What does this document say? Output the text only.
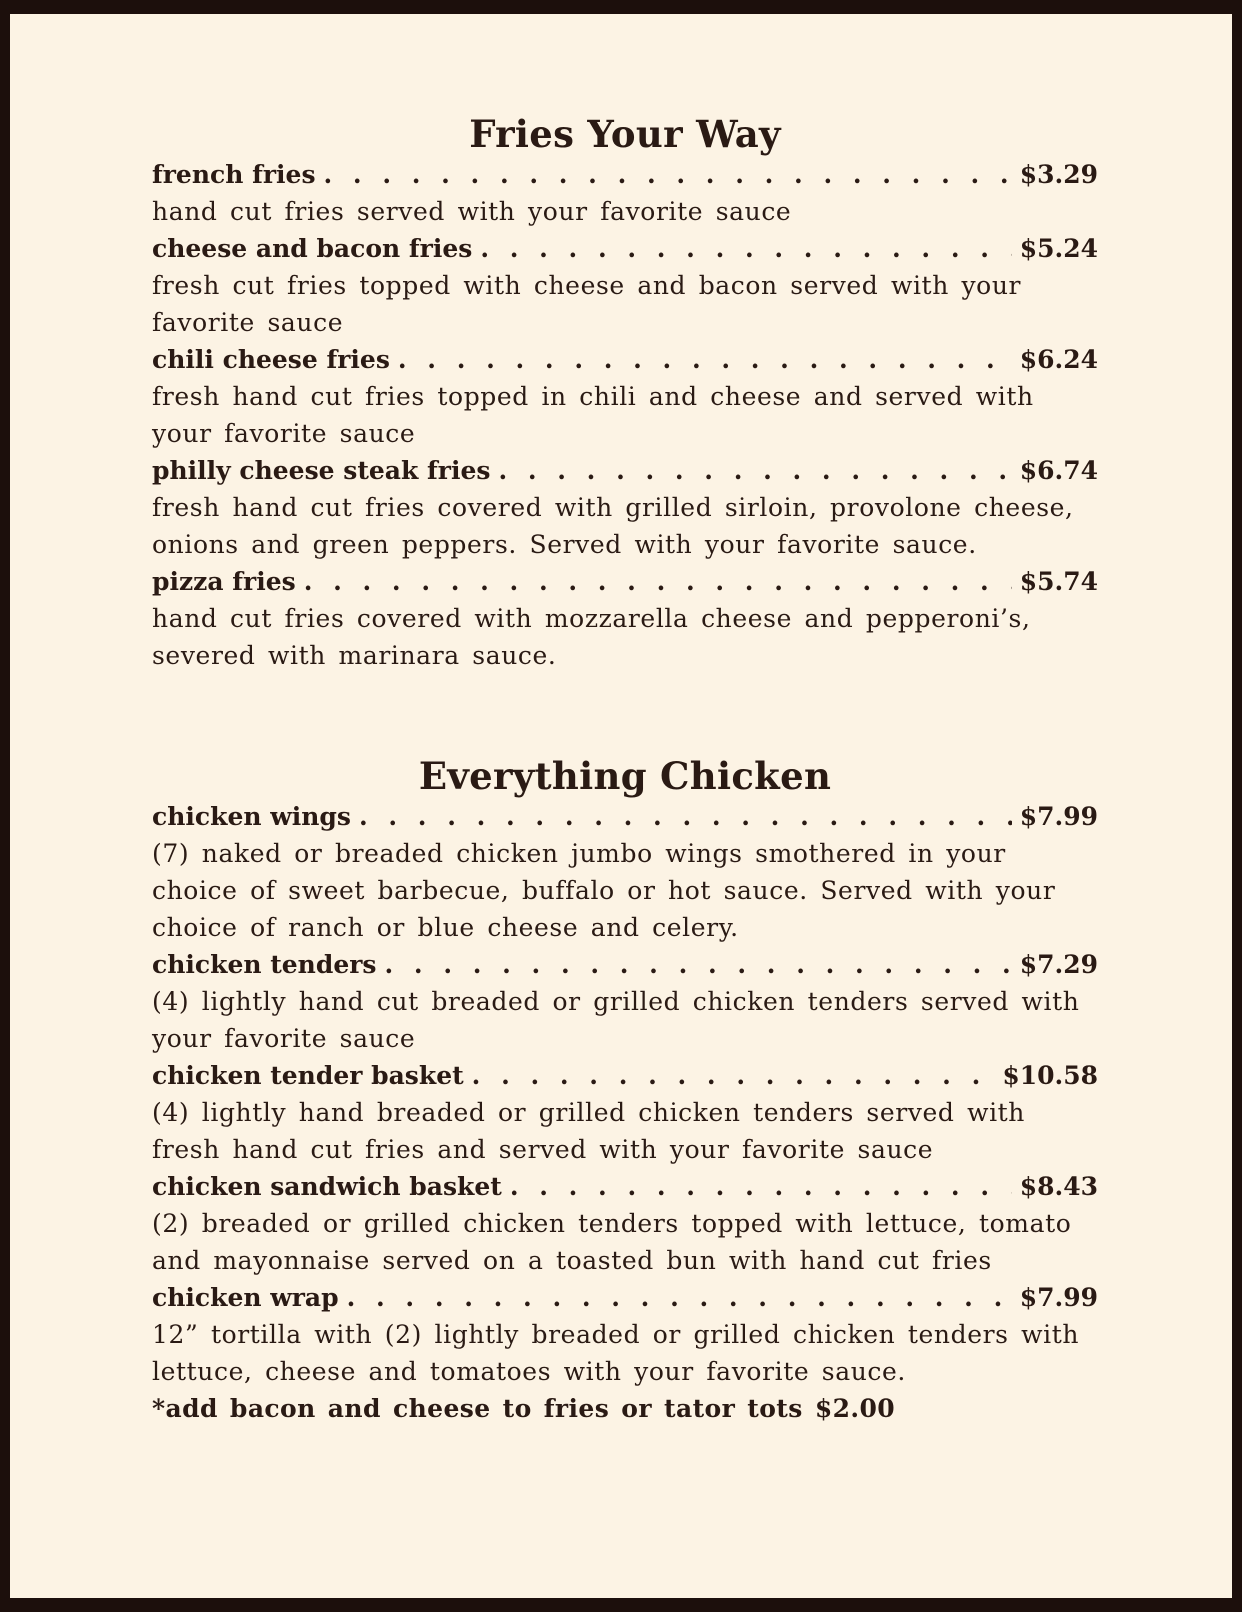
Fries Your Way
french fries . . .	$3.29
hand cut fries served with your favorite sauce
cheese and bacon fries . . .	$5.24
fresh cut fries topped with cheese and bacon served with your favorite sauce
chili cheese fries . . .	$6.24
fresh hand cut fries topped in chili and cheese and served with your favorite sauce
philly cheese steak fries . . .	$6.74
fresh hand cut fries covered with grilled sirloin, provolone cheese, onions and green peppers. Served with your favorite sauce.
pizza fries . . .	$5.74
hand cut fries covered with mozzarella cheese and pepperoni’s, severed with marinara sauce.
Everything Chicken
chicken wings . . .	$7.99
(7) naked or breaded chicken jumbo wings smothered in your choice of sweet barbecue, buffalo or hot sauce. Served with your choice of ranch or blue cheese and celery.
chicken tenders . . .	$7.29
(4) lightly hand cut breaded or grilled chicken tenders served with your favorite sauce
chicken tender basket . . .	$10.58
(4) lightly hand breaded or grilled chicken tenders served with fresh hand cut fries and served with your favorite sauce
chicken sandwich basket . . .	$8.43
(2) breaded or grilled chicken tenders topped with lettuce, tomato and mayonnaise served on a toasted bun with hand cut fries
chicken wrap . . .	$7.99
12” tortilla with (2) lightly breaded or grilled chicken tenders with lettuce, cheese and tomatoes with your favorite sauce.
*add bacon and cheese to fries or tator tots $2.00
